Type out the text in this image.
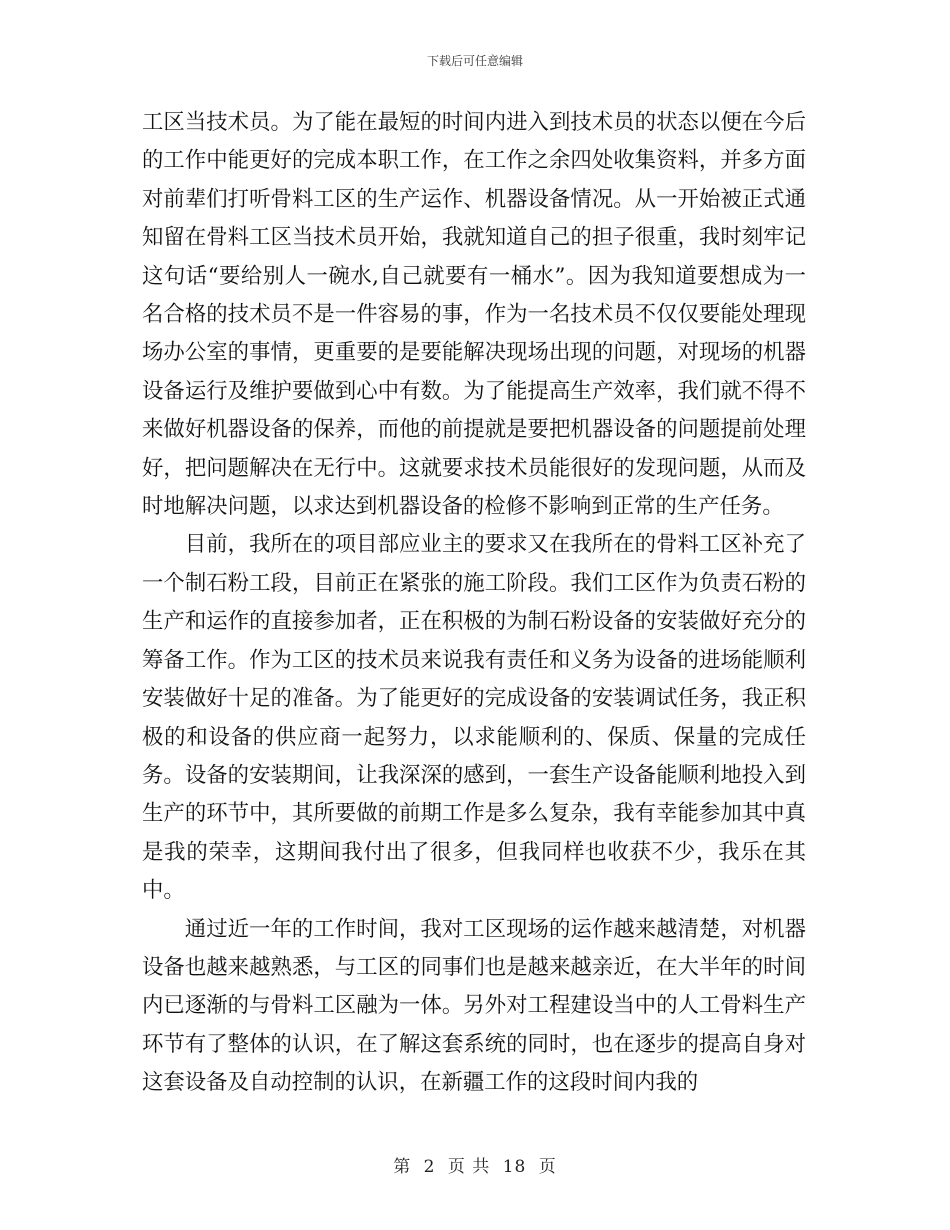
下载后可任意编辑

工区当技术员。为了能在最短的时间内进入到技术员的状态以便在今后的工作中能更好的完成本职工作，在工作之余四处收集资料，并多方面对前辈们打听骨料工区的生产运作、机器设备情况。从一开始被正式通知留在骨料工区当技术员开始，我就知道自己的担子很重，我时刻牢记这句话“要给别人一碗水,自己就要有一桶水”。因为我知道要想成为一名合格的技术员不是一件容易的事，作为一名技术员不仅仅要能处理现场办公室的事情，更重要的是要能解决现场出现的问题，对现场的机器设备运行及维护要做到心中有数。为了能提高生产效率，我们就不得不来做好机器设备的保养，而他的前提就是要把机器设备的问题提前处理好，把问题解决在无行中。这就要求技术员能很好的发现问题，从而及时地解决问题，以求达到机器设备的检修不影响到正常的生产任务。

目前，我所在的项目部应业主的要求又在我所在的骨料工区补充了一个制石粉工段，目前正在紧张的施工阶段。我们工区作为负责石粉的生产和运作的直接参加者，正在积极的为制石粉设备的安装做好充分的筹备工作。作为工区的技术员来说我有责任和义务为设备的进场能顺利安装做好十足的准备。为了能更好的完成设备的安装调试任务，我正积极的和设备的供应商一起努力，以求能顺利的、保质、保量的完成任务。设备的安装期间，让我深深的感到，一套生产设备能顺利地投入到生产的环节中，其所要做的前期工作是多么复杂，我有幸能参加其中真是我的荣幸，这期间我付出了很多，但我同样也收获不少，我乐在其中。

通过近一年的工作时间，我对工区现场的运作越来越清楚，对机器设备也越来越熟悉，与工区的同事们也是越来越亲近，在大半年的时间内已逐渐的与骨料工区融为一体。另外对工程建设当中的人工骨料生产环节有了整体的认识，在了解这套系统的同时，也在逐步的提高自身对这套设备及自动控制的认识，在新疆工作的这段时间内我的

第 2 页 共 18 页
